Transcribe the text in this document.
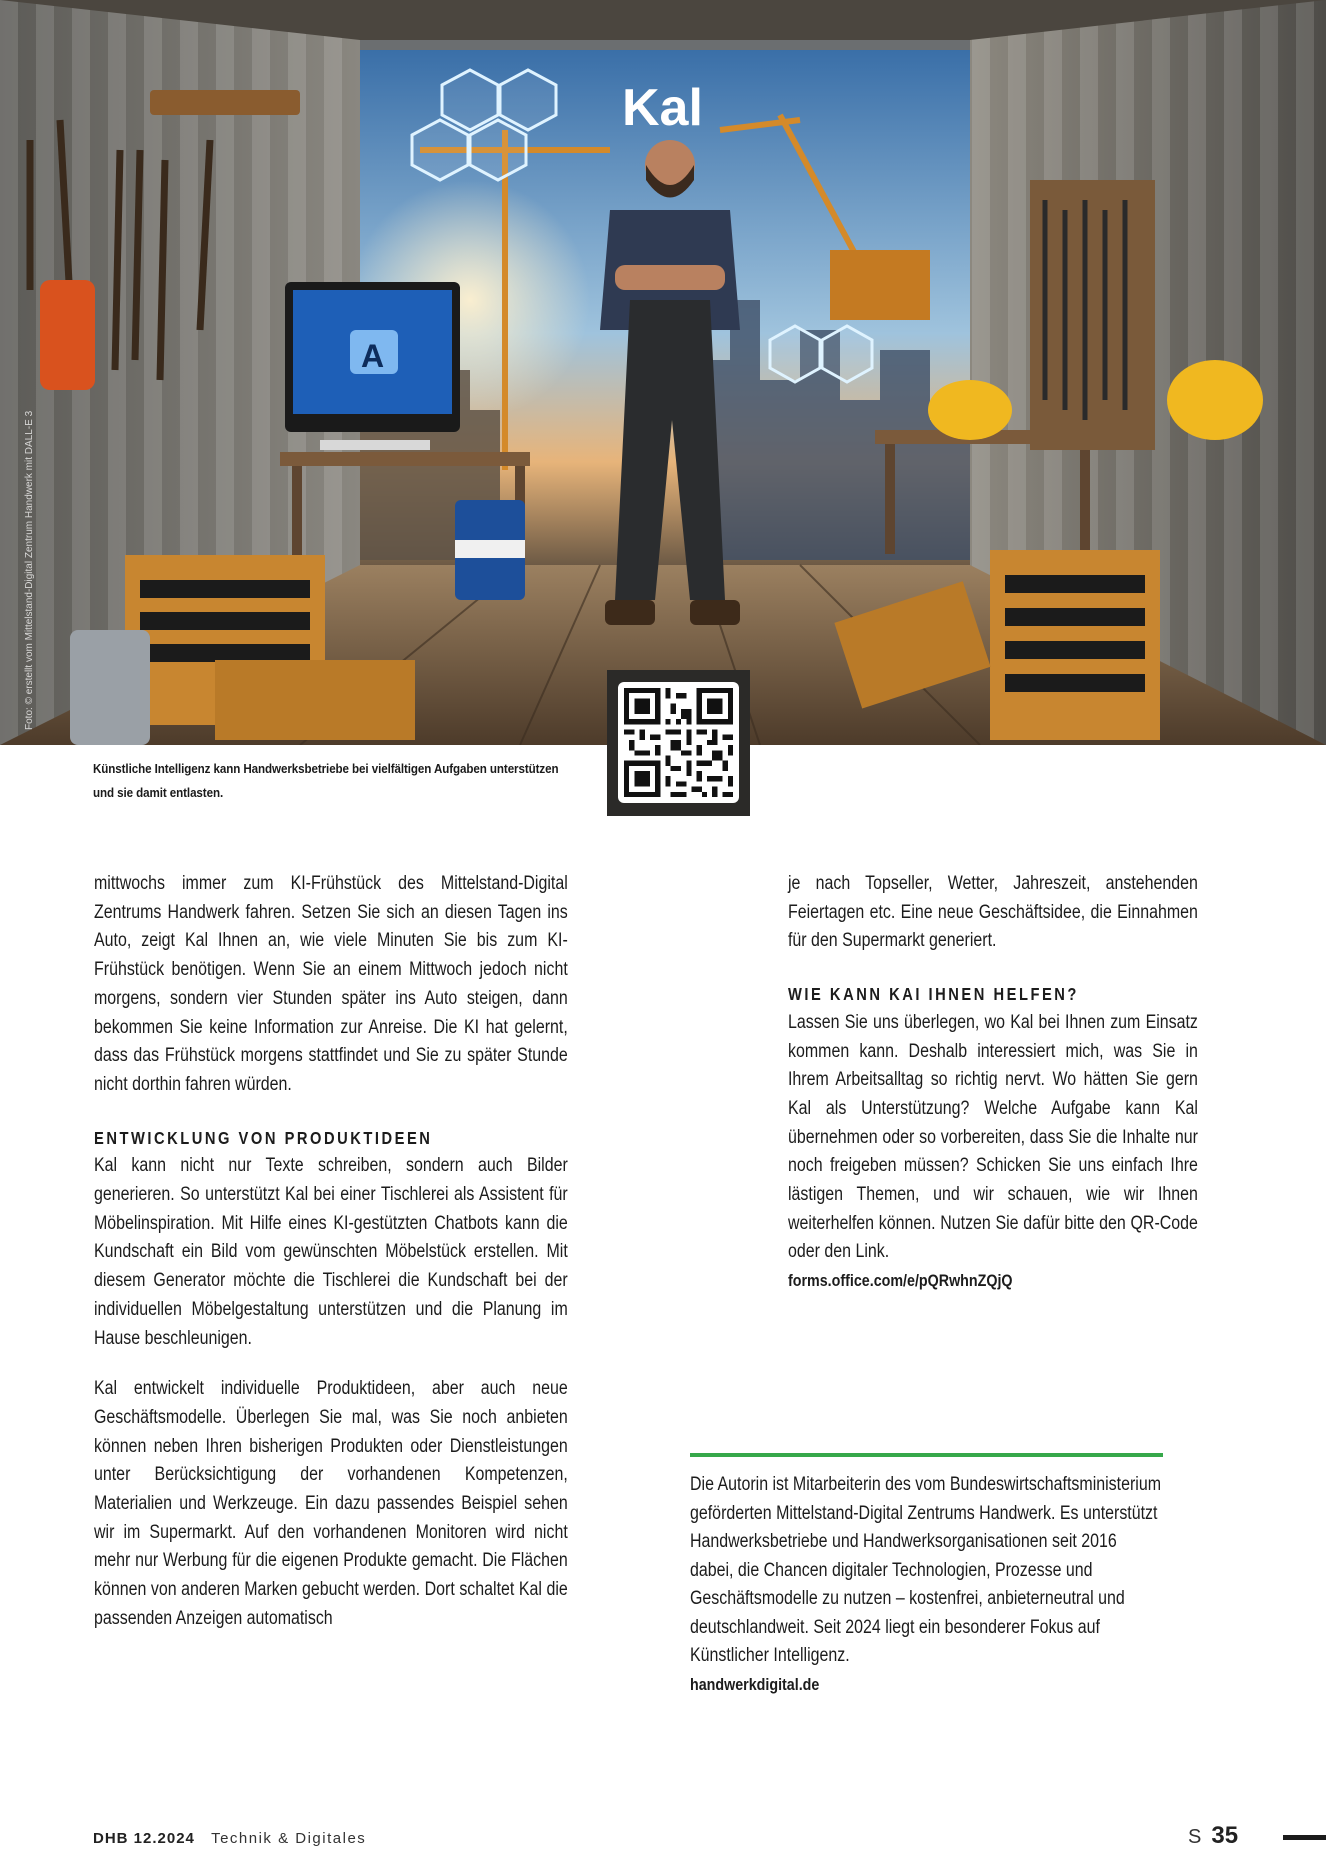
Kal
A
Foto: © erstellt vom Mittelstand-Digital Zentrum Handwerk mit DALL-E 3
Künstliche Intelligenz kann Handwerksbetriebe bei vielfältigen Aufgaben unterstützen und sie damit entlasten.

mittwochs immer zum KI-Frühstück des Mittelstand-Digital Zentrums Handwerk fahren. Setzen Sie sich an diesen Tagen ins Auto, zeigt Kal Ihnen an, wie viele Minuten Sie bis zum KI-Frühstück benötigen. Wenn Sie an einem Mittwoch jedoch nicht morgens, sondern vier Stunden später ins Auto steigen, dann bekommen Sie keine Information zur Anreise. Die KI hat gelernt, dass das Frühstück morgens stattfindet und Sie zu später Stunde nicht dorthin fahren würden.

ENTWICKLUNG VON PRODUKTIDEEN

Kal kann nicht nur Texte schreiben, sondern auch Bilder generieren. So unterstützt Kal bei einer Tischlerei als Assistent für Möbelinspiration. Mit Hilfe eines KI-gestützten Chatbots kann die Kundschaft ein Bild vom gewünschten Möbelstück erstellen. Mit diesem Generator möchte die Tischlerei die Kundschaft bei der individuellen Möbelgestaltung unterstützen und die Planung im Hause beschleunigen.

Kal entwickelt individuelle Produktideen, aber auch neue Geschäftsmodelle. Überlegen Sie mal, was Sie noch anbieten können neben Ihren bisherigen Produkten oder Dienstleistungen unter Berücksichtigung der vorhandenen Kompetenzen, Materialien und Werkzeuge. Ein dazu passendes Beispiel sehen wir im Supermarkt. Auf den vorhandenen Monitoren wird nicht mehr nur Werbung für die eigenen Produkte gemacht. Die Flächen können von anderen Marken gebucht werden. Dort schaltet Kal die passenden Anzeigen automatisch

je nach Topseller, Wetter, Jahreszeit, anstehenden Feiertagen etc. Eine neue Geschäftsidee, die Einnahmen für den Supermarkt generiert.

WIE KANN KAI IHNEN HELFEN?

Lassen Sie uns überlegen, wo Kal bei Ihnen zum Einsatz kommen kann. Deshalb interessiert mich, was Sie in Ihrem Arbeitsalltag so richtig nervt. Wo hätten Sie gern Kal als Unterstützung? Welche Aufgabe kann Kal übernehmen oder so vorbereiten, dass Sie die Inhalte nur noch freigeben müssen? Schicken Sie uns einfach Ihre lästigen Themen, und wir schauen, wie wir Ihnen weiterhelfen können. Nutzen Sie dafür bitte den QR-Code oder den Link.

forms.office.com/e/pQRwhnZQjQ

Die Autorin ist Mitarbeiterin des vom Bundeswirtschaftsministerium geförderten Mittelstand-Digital Zentrums Handwerk. Es unterstützt Handwerksbetriebe und Handwerksorganisationen seit 2016 dabei, die Chancen digitaler Technologien, Prozesse und Geschäftsmodelle zu nutzen – kostenfrei, anbieterneutral und deutschlandweit. Seit 2024 liegt ein besonderer Fokus auf Künstlicher Intelligenz.

handwerkdigital.de

DHB 12.2024 Technik & Digitales	S 35
